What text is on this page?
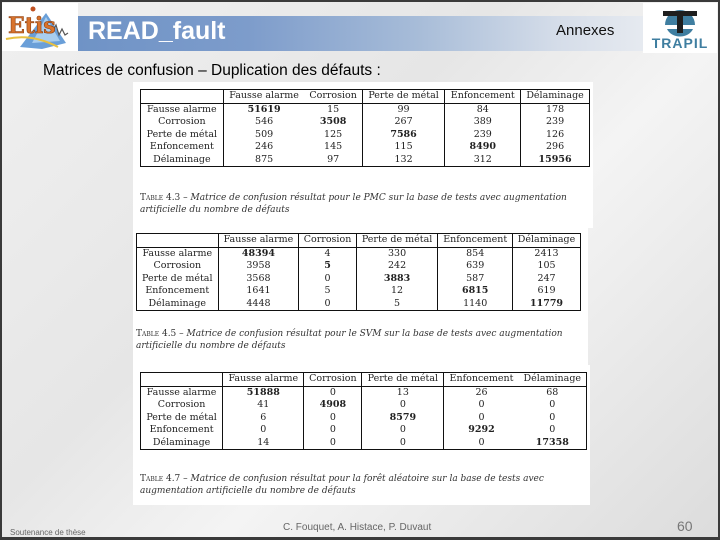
Etis READ_fault	Annexes
TRAPIL
Matrices de confusion – Duplication des défauts :
	Fausse alarme	Corrosion	Perte de métal	Enfoncement	Délaminage
Fausse alarme	51619	15	99	84	178
Corrosion	546	3508	267	389	239
Perte de métal	509	125	7586	239	126
Enfoncement	246	145	115	8490	296
Délaminage	875	97	132	312	15956
Table 4.3 – Matrice de confusion résultat pour le PMC sur la base de tests avec augmentation artificielle du nombre de défauts
	Fausse alarme	Corrosion	Perte de métal	Enfoncement	Délaminage
Fausse alarme	48394	4	330	854	2413
Corrosion	3958	5	242	639	105
Perte de métal	3568	0	3883	587	247
Enfoncement	1641	5	12	6815	619
Délaminage	4448	0	5	1140	11779
Table 4.5 – Matrice de confusion résultat pour le SVM sur la base de tests avec augmentation artificielle du nombre de défauts
	Fausse alarme	Corrosion	Perte de métal	Enfoncement	Délaminage
Fausse alarme	51888	0	13	26	68
Corrosion	41	4908	0	0	0
Perte de métal	6	0	8579	0	0
Enfoncement	0	0	0	9292	0
Délaminage	14	0	0	0	17358
Table 4.7 – Matrice de confusion résultat pour la forêt aléatoire sur la base de tests avec augmentation artificielle du nombre de défauts
Soutenance de thèse	C. Fouquet, A. Histace, P. Duvaut	60
